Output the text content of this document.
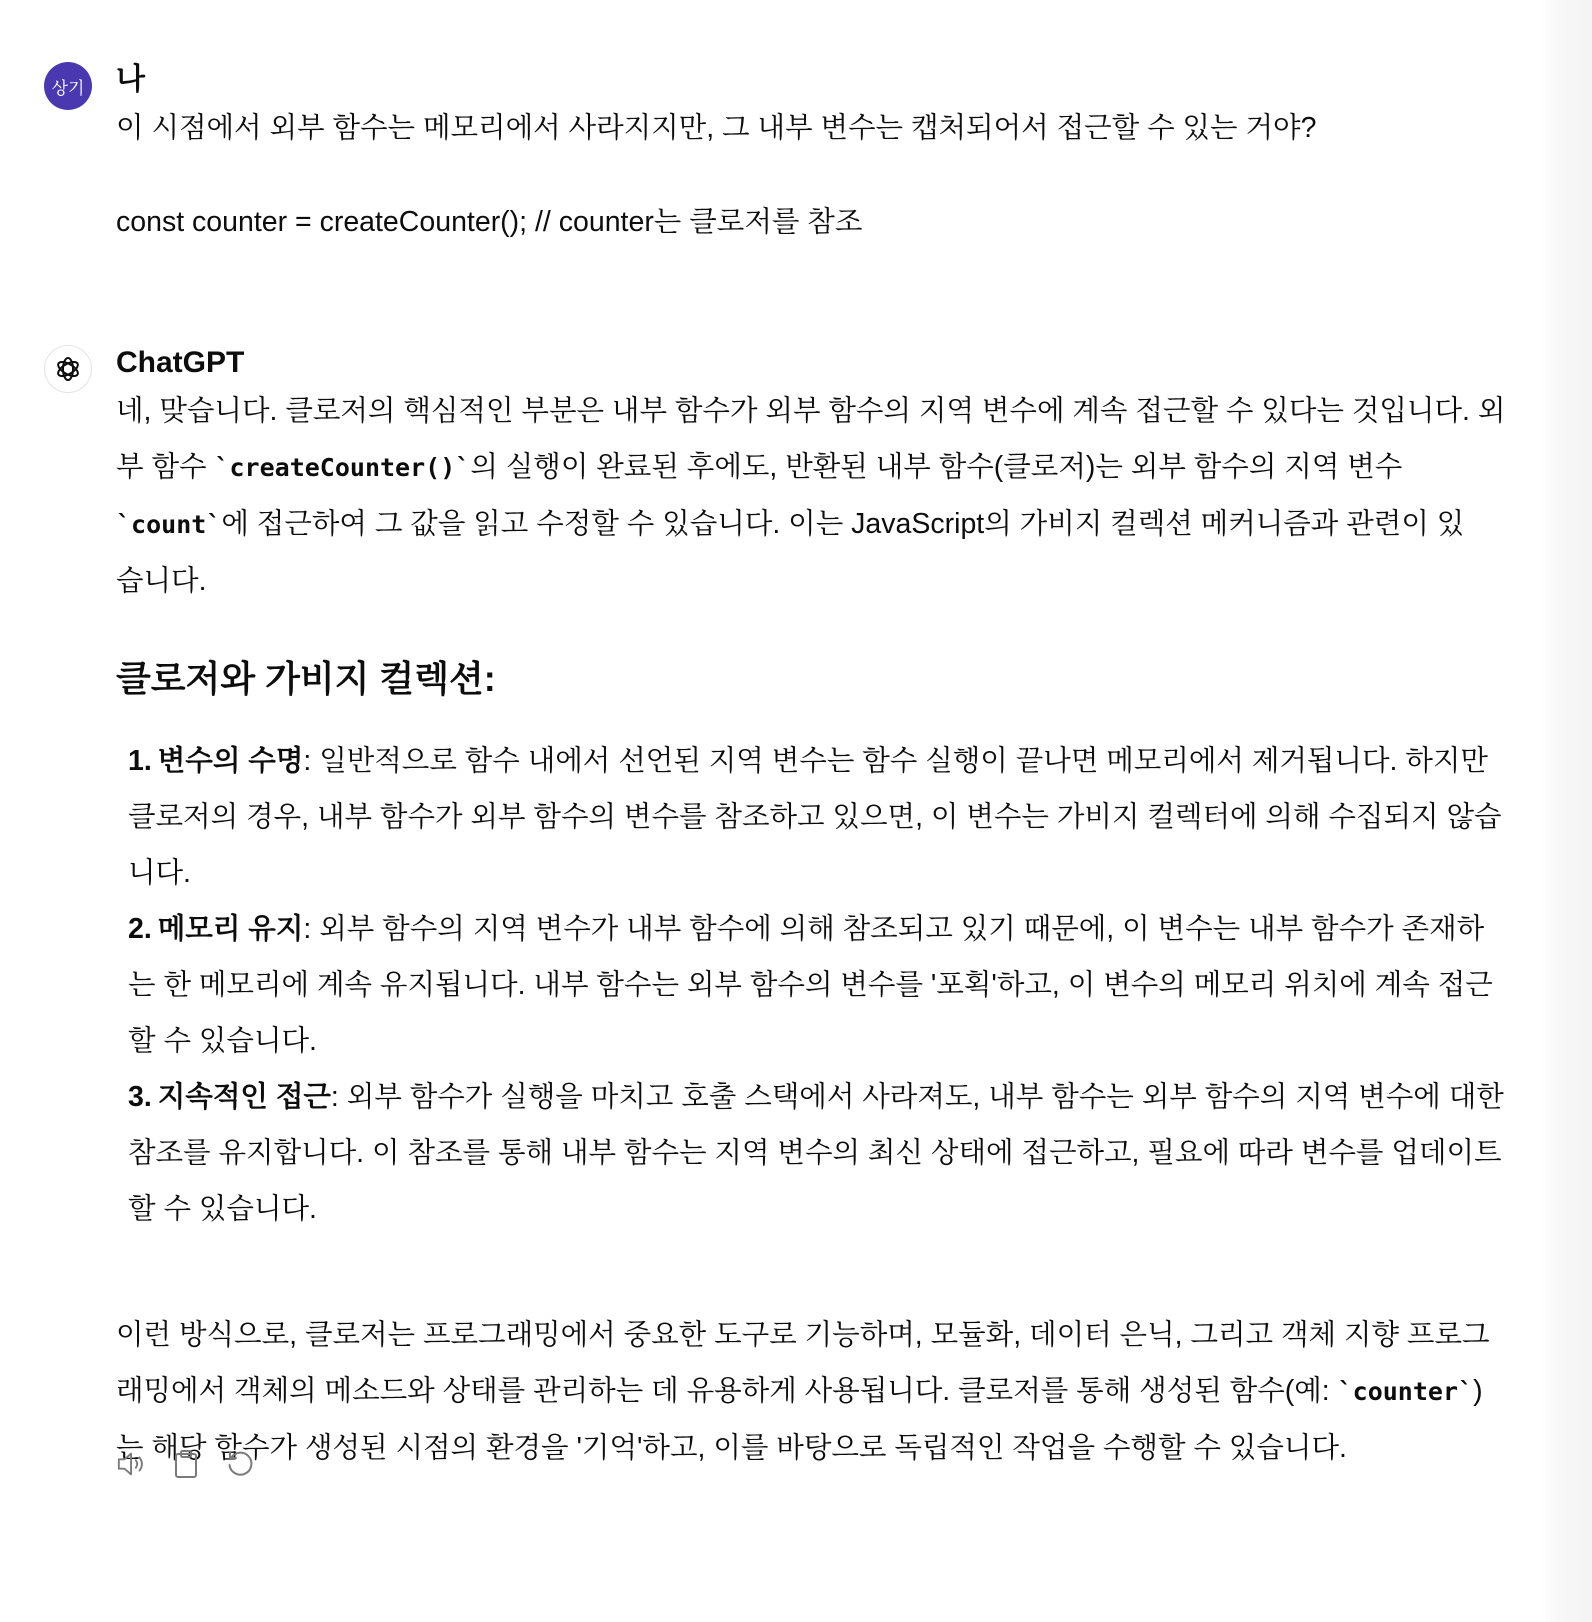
상기 나

이 시점에서 외부 함수는 메모리에서 사라지지만, 그 내부 변수는 캡처되어서 접근할 수 있는 거야?

const counter = createCounter(); // counter는 클로저를 참조

ChatGPT

네, 맞습니다. 클로저의 핵심적인 부분은 내부 함수가 외부 함수의 지역 변수에 계속 접근할 수 있다는 것입니다. 외

부 함수 `createCounter()`의 실행이 완료된 후에도, 반환된 내부 함수(클로저)는 외부 함수의 지역 변수

`count`에 접근하여 그 값을 읽고 수정할 수 있습니다. 이는 JavaScript의 가비지 컬렉션 메커니즘과 관련이 있

습니다.

클로저와 가비지 컬렉션:
1. 변수의 수명: 일반적으로 함수 내에서 선언된 지역 변수는 함수 실행이 끝나면 메모리에서 제거됩니다. 하지만
클로저의 경우, 내부 함수가 외부 함수의 변수를 참조하고 있으면, 이 변수는 가비지 컬렉터에 의해 수집되지 않습
니다.
2. 메모리 유지: 외부 함수의 지역 변수가 내부 함수에 의해 참조되고 있기 때문에, 이 변수는 내부 함수가 존재하
는 한 메모리에 계속 유지됩니다. 내부 함수는 외부 함수의 변수를 '포획'하고, 이 변수의 메모리 위치에 계속 접근
할 수 있습니다.
3. 지속적인 접근: 외부 함수가 실행을 마치고 호출 스택에서 사라져도, 내부 함수는 외부 함수의 지역 변수에 대한
참조를 유지합니다. 이 참조를 통해 내부 함수는 지역 변수의 최신 상태에 접근하고, 필요에 따라 변수를 업데이트
할 수 있습니다.

이런 방식으로, 클로저는 프로그래밍에서 중요한 도구로 기능하며, 모듈화, 데이터 은닉, 그리고 객체 지향 프로그

래밍에서 객체의 메소드와 상태를 관리하는 데 유용하게 사용됩니다. 클로저를 통해 생성된 함수(예: `counter`)

는 해당 함수가 생성된 시점의 환경을 '기억'하고, 이를 바탕으로 독립적인 작업을 수행할 수 있습니다.
